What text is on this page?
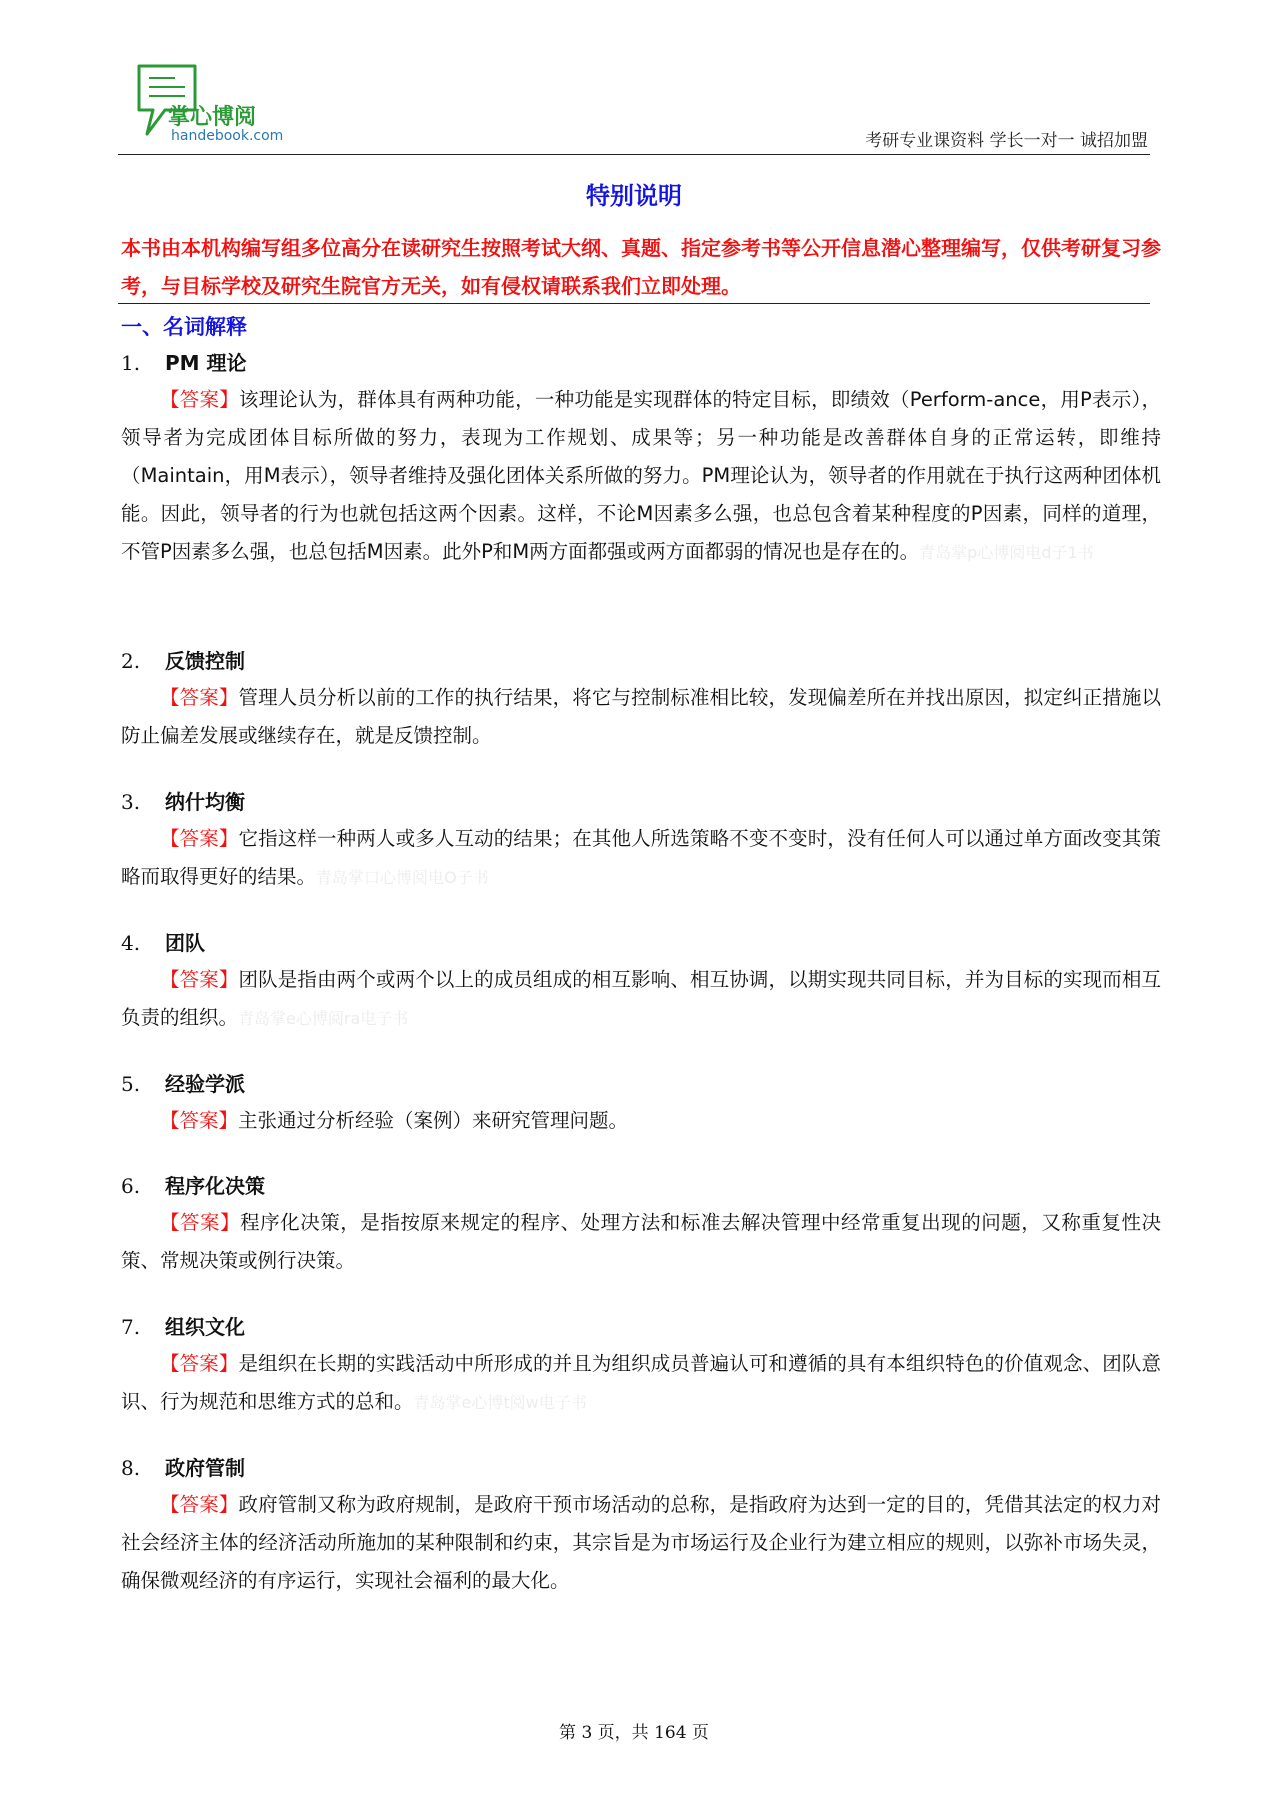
掌心博阅
handebook.com	考研专业课资料 学长一对一 诚招加盟
特别说明
本书由本机构编写组多位高分在读研究生按照考试大纲、真题、指定参考书等公开信息潜心整理编写，仅供考研复习参考，与目标学校及研究生院官方无关，如有侵权请联系我们立即处理。
一、名词解释
1. PM 理论
【答案】该理论认为，群体具有两种功能，一种功能是实现群体的特定目标，即绩效（Perform-ance，用P表示），领导者为完成团体目标所做的努力，表现为工作规划、成果等；另一种功能是改善群体自身的正常运转，即维持（Maintain，用M表示），领导者维持及强化团体关系所做的努力。PM理论认为，领导者的作用就在于执行这两种团体机能。因此，领导者的行为也就包括这两个因素。这样，不论M因素多么强，也总包含着某种程度的P因素，同样的道理，不管P因素多么强，也总包括M因素。此外P和M两方面都强或两方面都弱的情况也是存在的。青岛掌p心博阅电d子1书
2. 反馈控制
【答案】管理人员分析以前的工作的执行结果，将它与控制标准相比较，发现偏差所在并找出原因，拟定纠正措施以防止偏差发展或继续存在，就是反馈控制。
3. 纳什均衡
【答案】它指这样一种两人或多人互动的结果；在其他人所选策略不变不变时，没有任何人可以通过单方面改变其策略而取得更好的结果。青岛掌口心博阅电O子书
4. 团队
【答案】团队是指由两个或两个以上的成员组成的相互影响、相互协调，以期实现共同目标，并为目标的实现而相互负责的组织。青岛掌e心博阅ra电子书
5. 经验学派
【答案】主张通过分析经验（案例）来研究管理问题。
6. 程序化决策
【答案】程序化决策，是指按原来规定的程序、处理方法和标准去解决管理中经常重复出现的问题，又称重复性决策、常规决策或例行决策。
7. 组织文化
【答案】是组织在长期的实践活动中所形成的并且为组织成员普遍认可和遵循的具有本组织特色的价值观念、团队意识、行为规范和思维方式的总和。青岛掌e心博t阅w电子书
8. 政府管制
【答案】政府管制又称为政府规制，是政府干预市场活动的总称，是指政府为达到一定的目的，凭借其法定的权力对社会经济主体的经济活动所施加的某种限制和约束，其宗旨是为市场运行及企业行为建立相应的规则，以弥补市场失灵，确保微观经济的有序运行，实现社会福利的最大化。
第 3 页，共 164 页
